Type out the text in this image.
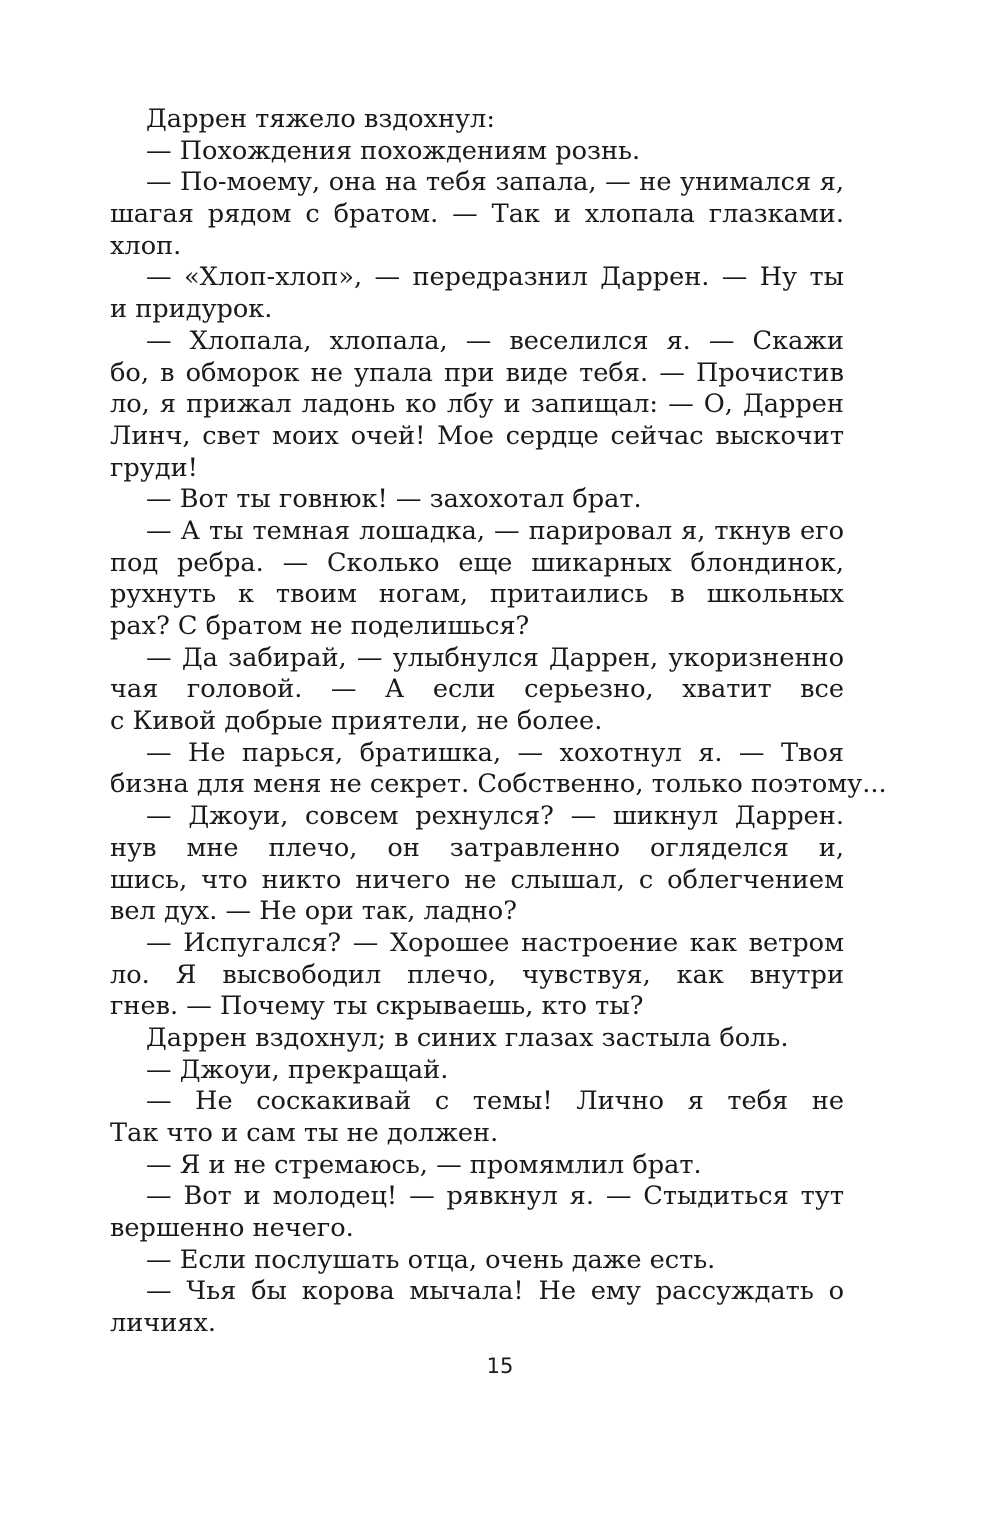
Даррен тяжело вздохнул:
— Похождения похождениям рознь.
— По-моему, она на тебя запала, — не унимался я,
шагая рядом с братом. — Так и хлопала глазками.
хлоп.
— «Хлоп-хлоп», — передразнил Даррен. — Ну ты
и придурок.
— Хлопала, хлопала, — веселился я. — Скажи
бо, в обморок не упала при виде тебя. — Прочистив
ло, я прижал ладонь ко лбу и запищал: — О, Даррен
Линч, свет моих очей! Мое сердце сейчас выскочит
груди!
— Вот ты говнюк! — захохотал брат.
— А ты темная лошадка, — парировал я, ткнув его
под ребра. — Сколько еще шикарных блондинок,
рухнуть к твоим ногам, притаились в школьных
рах? С братом не поделишься?
— Да забирай, — улыбнулся Даррен, укоризненно
чая головой. — А если серьезно, хватит все
с Кивой добрые приятели, не более.
— Не парься, братишка, — хохотнул я. — Твоя
бизна для меня не секрет. Собственно, только поэтому...
— Джоуи, совсем рехнулся? — шикнул Даррен.
нув мне плечо, он затравленно огляделся и,
шись, что никто ничего не слышал, с облегчением
вел дух. — Не ори так, ладно?
— Испугался? — Хорошее настроение как ветром
ло. Я высвободил плечо, чувствуя, как внутри
гнев. — Почему ты скрываешь, кто ты?
Даррен вздохнул; в синих глазах застыла боль.
— Джоуи, прекращай.
— Не соскакивай с темы! Лично я тебя не
Так что и сам ты не должен.
— Я и не стремаюсь, — промямлил брат.
— Вот и молодец! — рявкнул я. — Стыдиться тут
вершенно нечего.
— Если послушать отца, очень даже есть.
— Чья бы корова мычала! Не ему рассуждать о
личиях.
15
